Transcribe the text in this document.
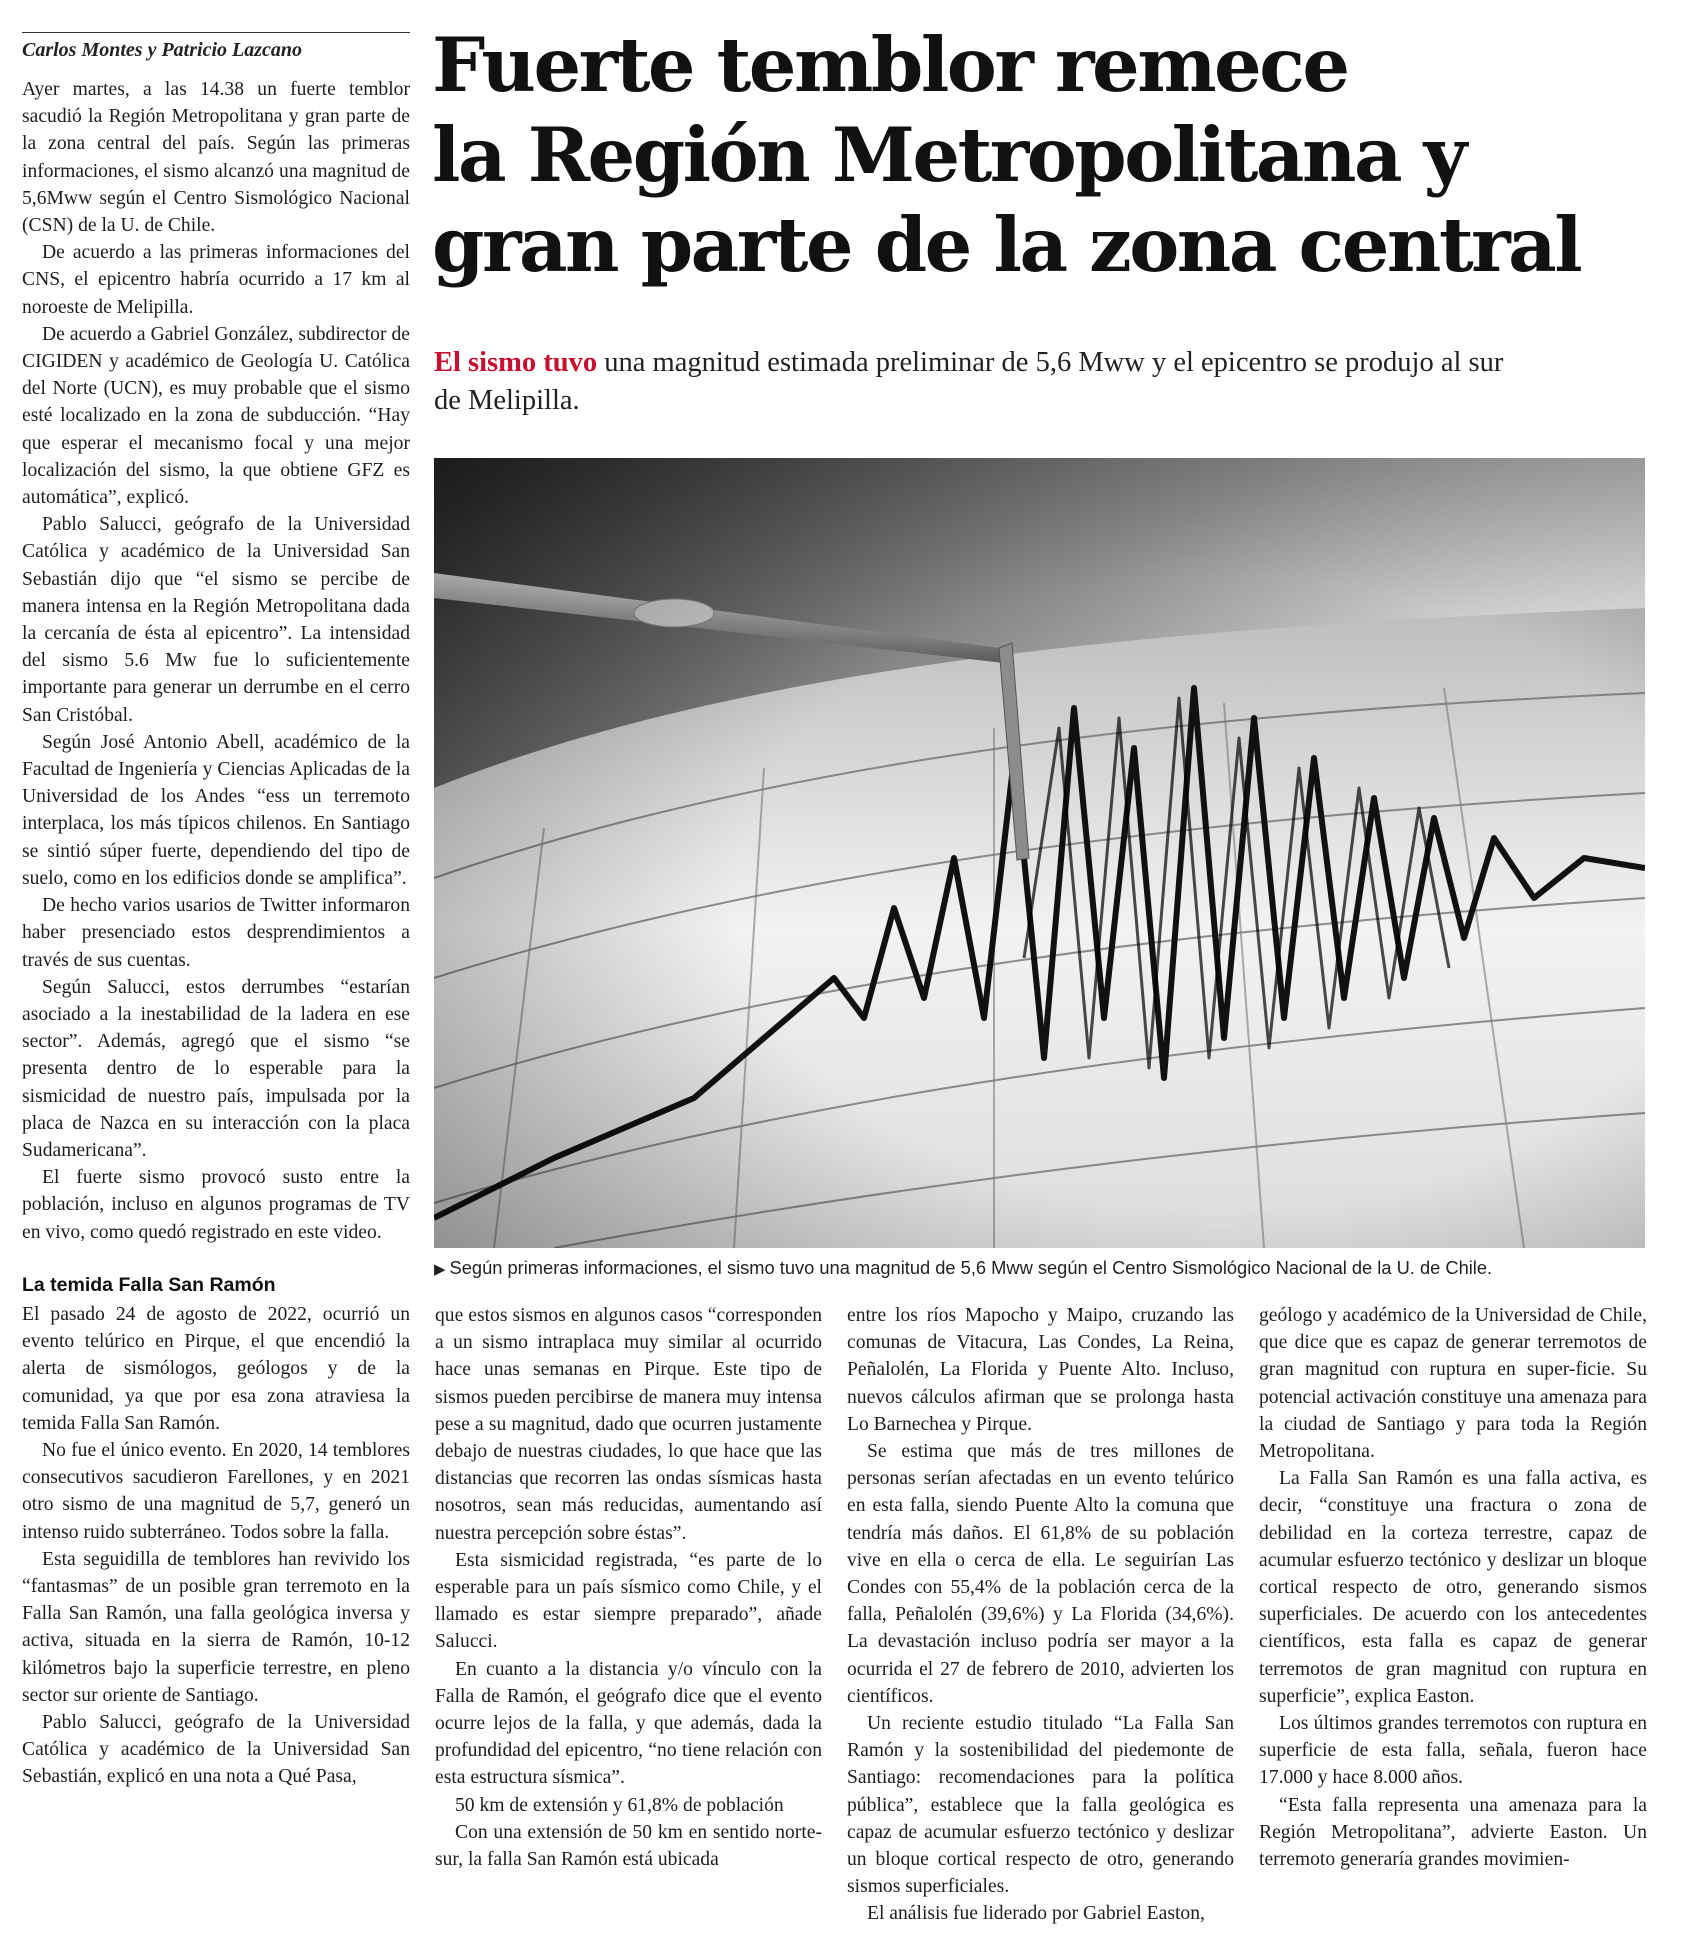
Carlos Montes y Patricio Lazcano	Fuerte temblor remece
la Región Metropolitana y
gran parte de la zona central
El sismo tuvo una magnitud estimada preliminar de 5,6 Mww y el epicentro se produjo al sur de Melipilla.
▶ Según primeras informaciones, el sismo tuvo una magnitud de 5,6 Mww según el Centro Sismológico Nacional de la U. de Chile.

Ayer martes, a las 14.38 un fuerte temblor sacudió la Región Metropolitana y gran parte de la zona central del país. Según las primeras informaciones, el sismo alcanzó una magnitud de 5,6Mww según el Centro Sismológico Nacional (CSN) de la U. de Chile.

De acuerdo a las primeras informaciones del CNS, el epicentro habría ocurrido a 17 km al noroeste de Melipilla.

De acuerdo a Gabriel González, subdirector de CIGIDEN y académico de Geología U. Católica del Norte (UCN), es muy probable que el sismo esté localizado en la zona de subducción. “Hay que esperar el mecanismo focal y una mejor localización del sismo, la que obtiene GFZ es automática”, explicó.

Pablo Salucci, geógrafo de la Universidad Católica y académico de la Universidad San Sebastián dijo que “el sismo se percibe de manera intensa en la Región Metropolitana dada la cercanía de ésta al epicentro”. La intensidad del sismo 5.6 Mw fue lo suficientemente importante para generar un derrumbe en el cerro San Cristóbal.

Según José Antonio Abell, académico de la Facultad de Ingeniería y Ciencias Aplicadas de la Universidad de los Andes “ess un terremoto interplaca, los más típicos chilenos. En Santiago se sintió súper fuerte, dependiendo del tipo de suelo, como en los edificios donde se amplifica”.

De hecho varios usarios de Twitter informaron haber presenciado estos desprendimientos a través de sus cuentas.

Según Salucci, estos derrumbes “estarían asociado a la inestabilidad de la ladera en ese sector”. Además, agregó que el sismo “se presenta dentro de lo esperable para la sismicidad de nuestro país, impulsada por la placa de Nazca en su interacción con la placa Sudamericana”.

El fuerte sismo provocó susto entre la población, incluso en algunos programas de TV en vivo, como quedó registrado en este video.

La temida Falla San Ramón

El pasado 24 de agosto de 2022, ocurrió un evento telúrico en Pirque, el que encendió la alerta de sismólogos, geólogos y de la comunidad, ya que por esa zona atraviesa la temida Falla San Ramón.

No fue el único evento. En 2020, 14 temblores consecutivos sacudieron Farellones, y en 2021 otro sismo de una magnitud de 5,7, generó un intenso ruido subterráneo. Todos sobre la falla.

Esta seguidilla de temblores han revivido los “fantasmas” de un posible gran terremoto en la Falla San Ramón, una falla geológica inversa y activa, situada en la sierra de Ramón, 10-12 kilómetros bajo la superficie terrestre, en pleno sector sur oriente de Santiago.

Pablo Salucci, geógrafo de la Universidad Católica y académico de la Universidad San Sebastián, explicó en una nota a Qué Pasa,

que estos sismos en algunos casos “corresponden a un sismo intraplaca muy similar al ocurrido hace unas semanas en Pirque. Este tipo de sismos pueden percibirse de manera muy intensa pese a su magnitud, dado que ocurren justamente debajo de nuestras ciudades, lo que hace que las distancias que recorren las ondas sísmicas hasta nosotros, sean más reducidas, aumentando así nuestra percepción sobre éstas”.

Esta sismicidad registrada, “es parte de lo esperable para un país sísmico como Chile, y el llamado es estar siempre preparado”, añade Salucci.

En cuanto a la distancia y/o vínculo con la Falla de Ramón, el geógrafo dice que el evento ocurre lejos de la falla, y que además, dada la profundidad del epicentro, “no tiene relación con esta estructura sísmica”.

50 km de extensión y 61,8% de población

Con una extensión de 50 km en sentido norte-sur, la falla San Ramón está ubicada

entre los ríos Mapocho y Maipo, cruzando las comunas de Vitacura, Las Condes, La Reina, Peñalolén, La Florida y Puente Alto. Incluso, nuevos cálculos afirman que se prolonga hasta Lo Barnechea y Pirque.

Se estima que más de tres millones de personas serían afectadas en un evento telúrico en esta falla, siendo Puente Alto la comuna que tendría más daños. El 61,8% de su población vive en ella o cerca de ella. Le seguirían Las Condes con 55,4% de la población cerca de la falla, Peñalolén (39,6%) y La Florida (34,6%). La devastación incluso podría ser mayor a la ocurrida el 27 de febrero de 2010, advierten los científicos.

Un reciente estudio titulado “La Falla San Ramón y la sostenibilidad del piedemonte de Santiago: recomendaciones para la política pública”, establece que la falla geológica es capaz de acumular esfuerzo tectónico y deslizar un bloque cortical respecto de otro, generando sismos superficiales.

El análisis fue liderado por Gabriel Easton,

geólogo y académico de la Universidad de Chile, que dice que es capaz de generar terremotos de gran magnitud con ruptura en super-ficie. Su potencial activación constituye una amenaza para la ciudad de Santiago y para toda la Región Metropolitana.

La Falla San Ramón es una falla activa, es decir, “constituye una fractura o zona de debilidad en la corteza terrestre, capaz de acumular esfuerzo tectónico y deslizar un bloque cortical respecto de otro, generando sismos superficiales. De acuerdo con los antecedentes científicos, esta falla es capaz de generar terremotos de gran magnitud con ruptura en superficie”, explica Easton.

Los últimos grandes terremotos con ruptura en superficie de esta falla, señala, fueron hace 17.000 y hace 8.000 años.

“Esta falla representa una amenaza para la Región Metropolitana”, advierte Easton. Un terremoto generaría grandes movimien-
